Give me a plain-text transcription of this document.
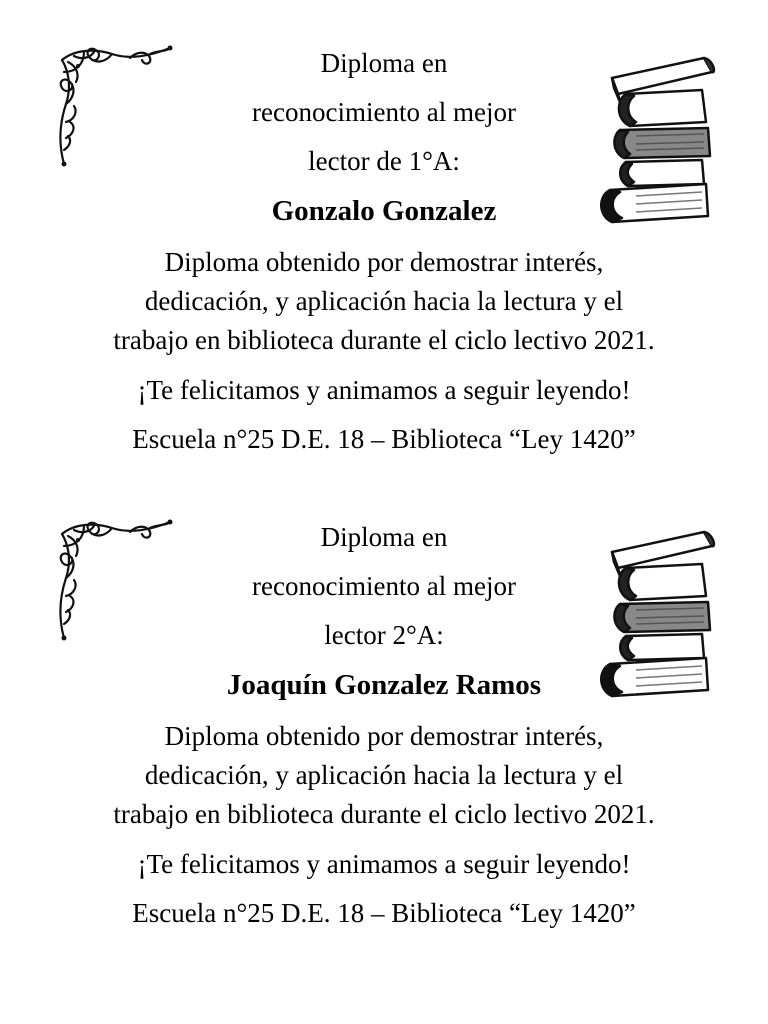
Diploma en
reconocimiento al mejor
lector de 1°A:
Gonzalo Gonzalez
Diploma obtenido por demostrar interés,
dedicación, y aplicación hacia la lectura y el
trabajo en biblioteca durante el ciclo lectivo 2021.
¡Te felicitamos y animamos a seguir leyendo!
Escuela n°25 D.E. 18 – Biblioteca “Ley 1420”
Diploma en
reconocimiento al mejor
lector 2°A:
Joaquín Gonzalez Ramos
Diploma obtenido por demostrar interés,
dedicación, y aplicación hacia la lectura y el
trabajo en biblioteca durante el ciclo lectivo 2021.
¡Te felicitamos y animamos a seguir leyendo!
Escuela n°25 D.E. 18 – Biblioteca “Ley 1420”
